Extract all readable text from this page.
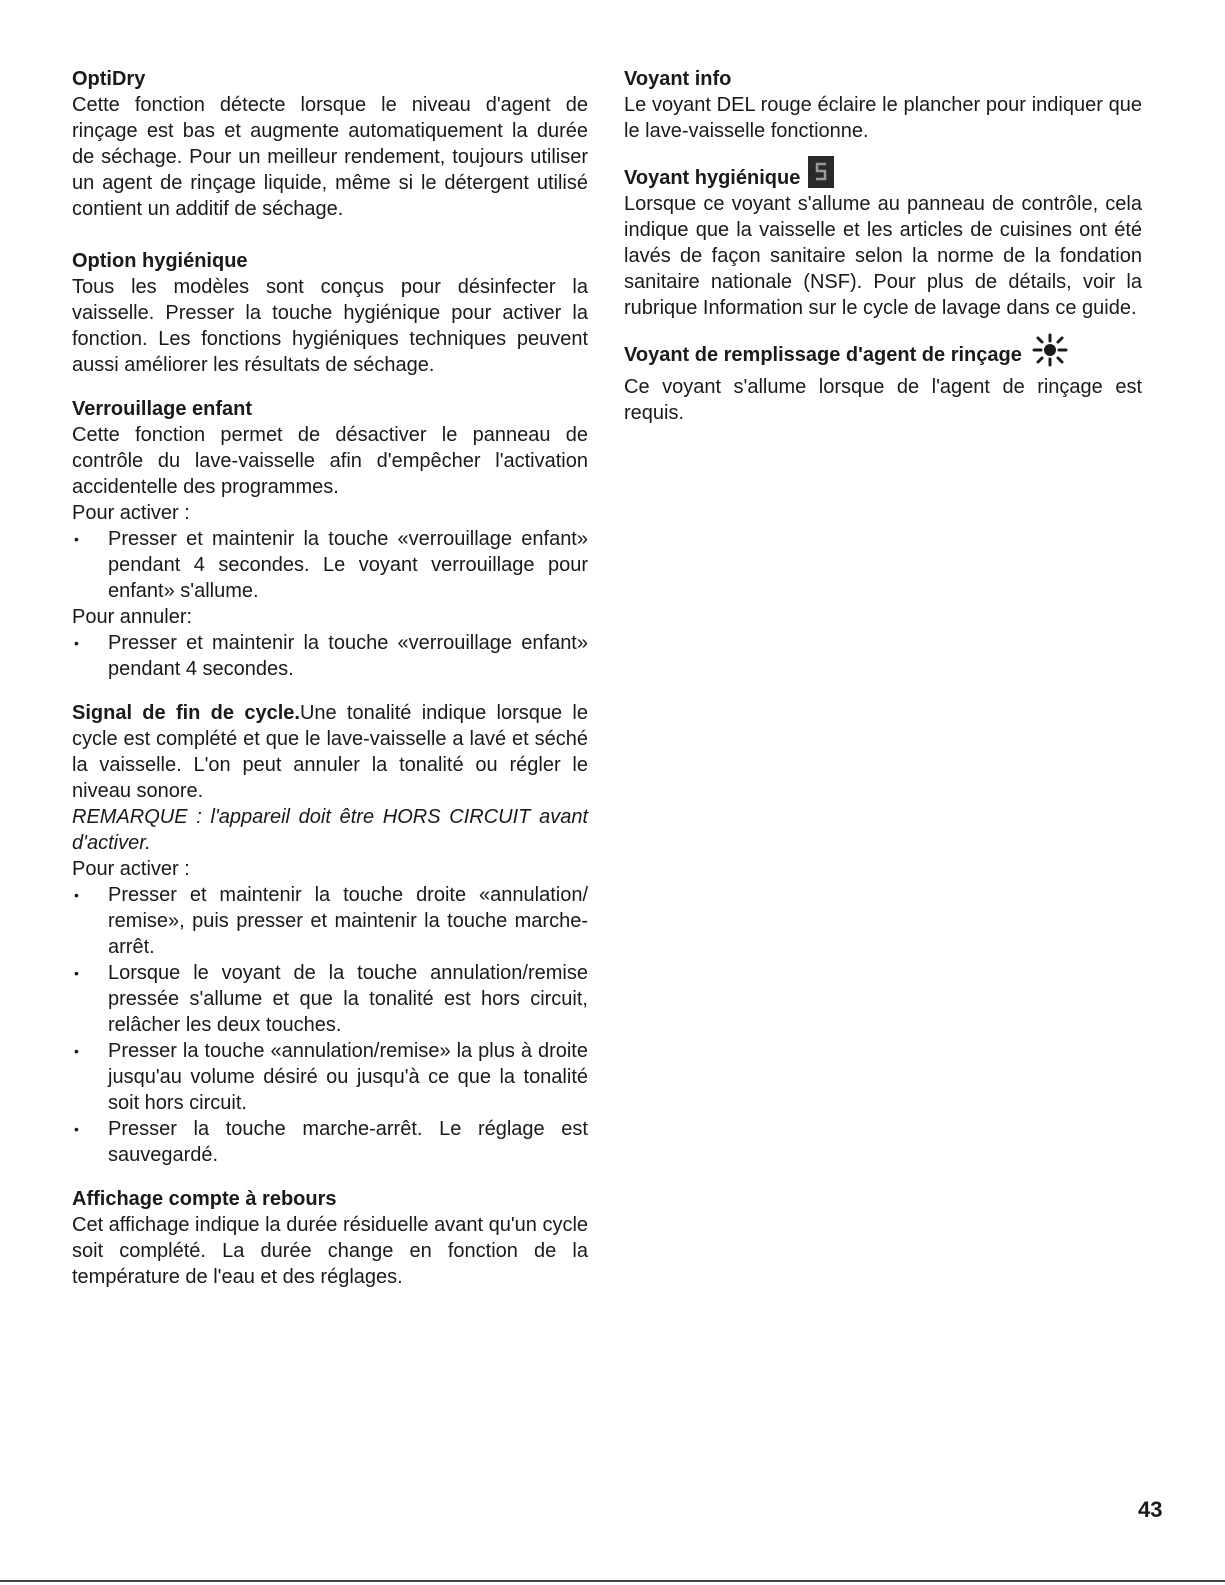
OptiDry

Cette fonction détecte lorsque le niveau d'agent de rinçage est bas et augmente automatiquement la durée de séchage. Pour un meilleur rendement, toujours utiliser un agent de rinçage liquide, même si le détergent utilisé contient un additif de séchage.

Option hygiénique

Tous les modèles sont conçus pour désinfecter la vaisselle. Presser la touche hygiénique pour activer la fonction. Les fonctions hygiéniques techniques peuvent aussi améliorer les résultats de séchage.

Verrouillage enfant

Cette fonction permet de désactiver le panneau de contrôle du lave-vaisselle afin d'empêcher l'activation accidentelle des programmes.

Pour activer :

• Presser et maintenir la touche «verrouillage enfant» pendant 4 secondes. Le voyant verrouillage pour enfant» s'allume.

Pour annuler:

• Presser et maintenir la touche «verrouillage enfant» pendant 4 secondes.

Signal de fin de cycle.Une tonalité indique lorsque le cycle est complété et que le lave-vaisselle a lavé et séché la vaisselle. L'on peut annuler la tonalité ou régler le niveau sonore.

REMARQUE : l'appareil doit être HORS CIRCUIT avant d'activer.

Pour activer :

• Presser et maintenir la touche droite «annulation/ remise», puis presser et maintenir la touche marche-arrêt.
• Lorsque le voyant de la touche annulation/remise pressée s'allume et que la tonalité est hors circuit, relâcher les deux touches.
• Presser la touche «annulation/remise» la plus à droite jusqu'au volume désiré ou jusqu'à ce que la tonalité soit hors circuit.
• Presser la touche marche-arrêt. Le réglage est sauvegardé.
Affichage compte à rebours

Cet affichage indique la durée résiduelle avant qu'un cycle soit complété. La durée change en fonction de la température de l'eau et des réglages.

Voyant info

Le voyant DEL rouge éclaire le plancher pour indiquer que le lave-vaisselle fonctionne.

Voyant hygiénique

Lorsque ce voyant s'allume au panneau de contrôle, cela indique que la vaisselle et les articles de cuisines ont été lavés de façon sanitaire selon la norme de la fondation sanitaire nationale (NSF). Pour plus de détails, voir la rubrique Information sur le cycle de lavage dans ce guide.

Voyant de remplissage d'agent de rinçage

Ce voyant s'allume lorsque de l'agent de rinçage est requis.

43
